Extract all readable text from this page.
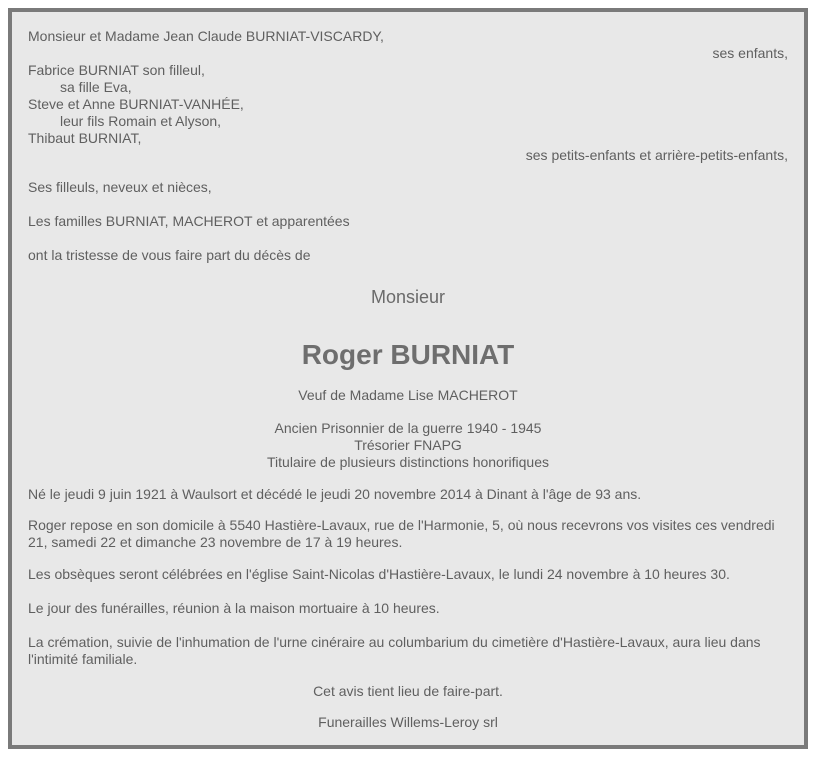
Monsieur et Madame Jean Claude BURNIAT-VISCARDY,
ses enfants,
Fabrice BURNIAT son filleul,
sa fille Eva,
Steve et Anne BURNIAT-VANHÉE,
leur fils Romain et Alyson,
Thibaut BURNIAT,
ses petits-enfants et arrière-petits-enfants,
Ses filleuls, neveux et nièces,
Les familles BURNIAT, MACHEROT et apparentées
ont la tristesse de vous faire part du décès de
Monsieur
Roger BURNIAT
Veuf de Madame Lise MACHEROT
Ancien Prisonnier de la guerre 1940 - 1945
Trésorier FNAPG
Titulaire de plusieurs distinctions honorifiques
Né le jeudi 9 juin 1921 à Waulsort et décédé le jeudi 20 novembre 2014 à Dinant à l'âge de 93 ans.
Roger repose en son domicile à 5540 Hastière-Lavaux, rue de l'Harmonie, 5, où nous recevrons vos visites ces vendredi 21, samedi 22 et dimanche 23 novembre de 17 à 19 heures.
Les obsèques seront célébrées en l'église Saint-Nicolas d'Hastière-Lavaux, le lundi 24 novembre à 10 heures 30.
Le jour des funérailles, réunion à la maison mortuaire à 10 heures.
La crémation, suivie de l'inhumation de l'urne cinéraire au columbarium du cimetière d'Hastière-Lavaux, aura lieu dans l'intimité familiale.
Cet avis tient lieu de faire-part.
Funerailles Willems-Leroy srl
